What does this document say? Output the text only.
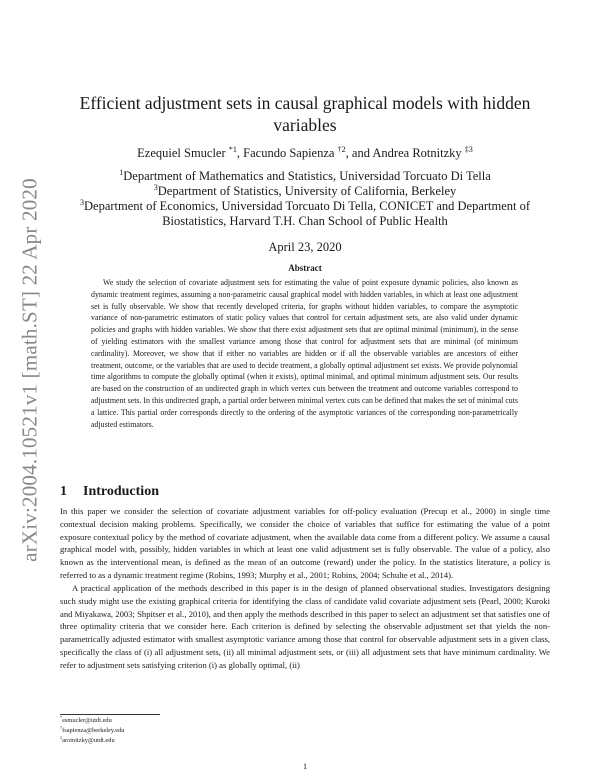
arXiv:2004.10521v1 [math.ST] 22 Apr 2020
Efficient adjustment sets in causal graphical models with hidden variables
Ezequiel Smucler $^{*1}$, Facundo Sapienza $^{\dagger 2}$, and Andrea Rotnitzky $^{\ddagger 3}$
$^1$Department of Mathematics and Statistics, Universidad Torcuato Di Tella
$^3$Department of Statistics, University of California, Berkeley
$^3$Department of Economics, Universidad Torcuato Di Tella, CONICET and Department of Biostatistics, Harvard T.H. Chan School of Public Health
April 23, 2020
Abstract
We study the selection of covariate adjustment sets for estimating the value of point exposure dynamic policies, also known as dynamic treatment regimes, assuming a non-parametric causal graphical model with hidden variables, in which at least one adjustment set is fully observable. We show that recently developed criteria, for graphs without hidden variables, to compare the asymptotic variance of non-parametric estimators of static policy values that control for certain adjustment sets, are also valid under dynamic policies and graphs with hidden variables. We show that there exist adjustment sets that are optimal minimal (minimum), in the sense of yielding estimators with the smallest variance among those that control for adjustment sets that are minimal (of minimum cardinality). Moreover, we show that if either no variables are hidden or if all the observable variables are ancestors of either treatment, outcome, or the variables that are used to decide treatment, a globally optimal adjustment set exists. We provide polynomial time algorithms to compute the globally optimal (when it exists), optimal minimal, and optimal minimum adjustment sets. Our results are based on the construction of an undirected graph in which vertex cuts between the treatment and outcome variables correspond to adjustment sets. In this undirected graph, a partial order between minimal vertex cuts can be defined that makes the set of minimal cuts a lattice. This partial order corresponds directly to the ordering of the asymptotic variances of the corresponding non-parametrically adjusted estimators.
1 Introduction
In this paper we consider the selection of covariate adjustment variables for off-policy evaluation (Precup et al., 2000) in single time contextual decision making problems. Specifically, we consider the choice of variables that suffice for estimating the value of a point exposure contextual policy by the method of covariate adjustment, when the available data come from a different policy. We assume a causal graphical model with, possibly, hidden variables in which at least one valid adjustment set is fully observable. The value of a policy, also known as the interventional mean, is defined as the mean of an outcome (reward) under the policy. In the statistics literature, a policy is referred to as a dynamic treatment regime (Robins, 1993; Murphy et al., 2001; Robins, 2004; Schulte et al., 2014).
A practical application of the methods described in this paper is in the design of planned observational studies. Investigators designing such study might use the existing graphical criteria for identifying the class of candidate valid covariate adjustment sets (Pearl, 2000; Kuroki and Miyakawa, 2003; Shpitser et al., 2010), and then apply the methods described in this paper to select an adjustment set that satisfies one of three optimality criteria that we consider here. Each criterion is defined by selecting the observable adjustment set that yields the non-parametrically adjusted estimator with smallest asymptotic variance among those that control for observable adjustment sets in a given class, specifically the class of (i) all adjustment sets, (ii) all minimal adjustment sets, or (iii) all adjustment sets that have minimum cardinality. We refer to adjustment sets satisfying criterion (i) as globally optimal, (ii)
*esmucler@utdt.edu
†fsapienza@berkeley.edu
‡arotnitzky@utdt.edu
1
